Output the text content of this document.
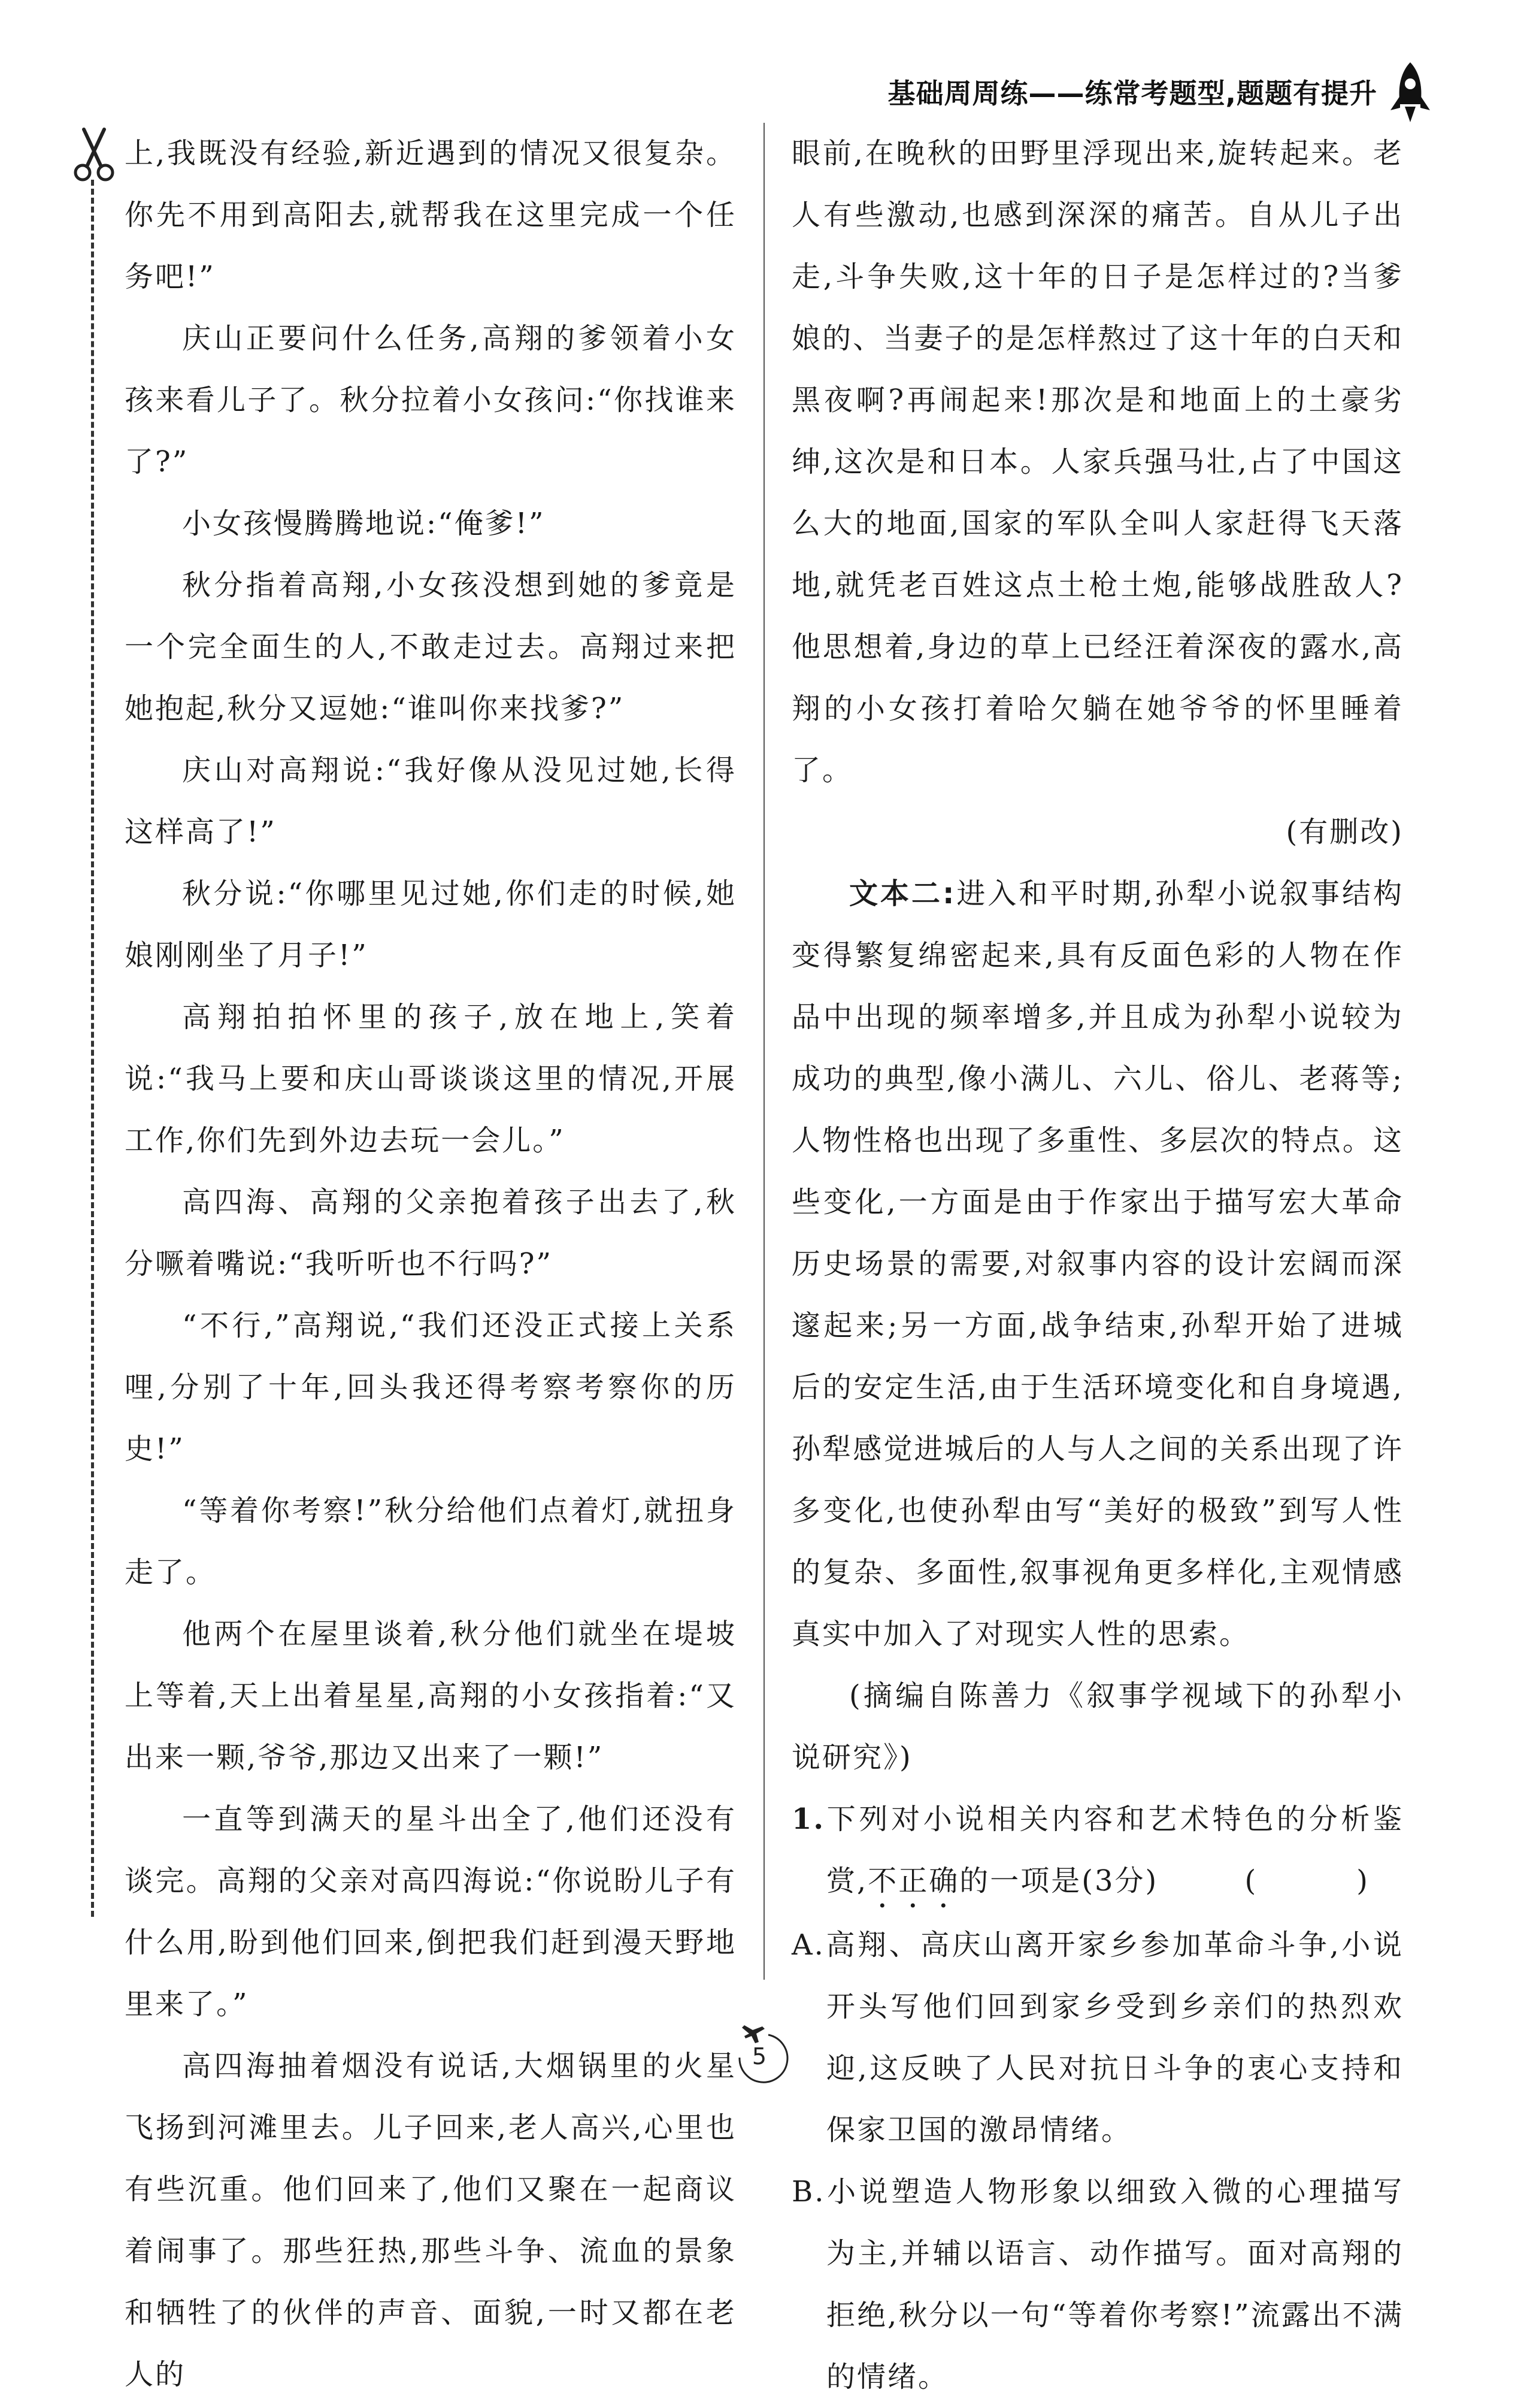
基础周周练——练常考题型,题题有提升

上,我既没有经验,新近遇到的情况又很复杂。你先不用到高阳去,就帮我在这里完成一个任务吧!”

庆山正要问什么任务,高翔的爹领着小女孩来看儿子了。秋分拉着小女孩问:“你找谁来了?”

小女孩慢腾腾地说:“俺爹!”

秋分指着高翔,小女孩没想到她的爹竟是一个完全面生的人,不敢走过去。高翔过来把她抱起,秋分又逗她:“谁叫你来找爹?”

庆山对高翔说:“我好像从没见过她,长得这样高了!”

秋分说:“你哪里见过她,你们走的时候,她娘刚刚坐了月子!”

高翔拍拍怀里的孩子,放在地上,笑着说:“我马上要和庆山哥谈谈这里的情况,开展工作,你们先到外边去玩一会儿。”

高四海、高翔的父亲抱着孩子出去了,秋分噘着嘴说:“我听听也不行吗?”

“不行,”高翔说,“我们还没正式接上关系哩,分别了十年,回头我还得考察考察你的历史!”

“等着你考察!”秋分给他们点着灯,就扭身走了。

他两个在屋里谈着,秋分他们就坐在堤坡上等着,天上出着星星,高翔的小女孩指着:“又出来一颗,爷爷,那边又出来了一颗!”

一直等到满天的星斗出全了,他们还没有谈完。高翔的父亲对高四海说:“你说盼儿子有什么用,盼到他们回来,倒把我们赶到漫天野地里来了。”

高四海抽着烟没有说话,大烟锅里的火星飞扬到河滩里去。儿子回来,老人高兴,心里也有些沉重。他们回来了,他们又聚在一起商议着闹事了。那些狂热,那些斗争、流血的景象和牺牲了的伙伴的声音、面貌,一时又都在老人的

眼前,在晚秋的田野里浮现出来,旋转起来。老人有些激动,也感到深深的痛苦。自从儿子出走,斗争失败,这十年的日子是怎样过的?当爹娘的、当妻子的是怎样熬过了这十年的白天和黑夜啊?再闹起来!那次是和地面上的土豪劣绅,这次是和日本。人家兵强马壮,占了中国这么大的地面,国家的军队全叫人家赶得飞天落地,就凭老百姓这点土枪土炮,能够战胜敌人?他思想着,身边的草上已经汪着深夜的露水,高翔的小女孩打着哈欠躺在她爷爷的怀里睡着了。

(有删改)

文本二:进入和平时期,孙犁小说叙事结构变得繁复绵密起来,具有反面色彩的人物在作品中出现的频率增多,并且成为孙犁小说较为成功的典型,像小满儿、六儿、俗儿、老蒋等;人物性格也出现了多重性、多层次的特点。这些变化,一方面是由于作家出于描写宏大革命历史场景的需要,对叙事内容的设计宏阔而深邃起来;另一方面,战争结束,孙犁开始了进城后的安定生活,由于生活环境变化和自身境遇,孙犁感觉进城后的人与人之间的关系出现了许多变化,也使孙犁由写“美好的极致”到写人性的复杂、多面性,叙事视角更多样化,主观情感真实中加入了对现实人性的思索。

(摘编自陈善力《叙事学视域下的孙犁小说研究》)

1.下列对小说相关内容和艺术特色的分析鉴赏,不正确的一项是(3分)	(　)

A.高翔、高庆山离开家乡参加革命斗争,小说开头写他们回到家乡受到乡亲们的热烈欢迎,这反映了人民对抗日斗争的衷心支持和保家卫国的激昂情绪。

B.小说塑造人物形象以细致入微的心理描写为主,并辅以语言、动作描写。面对高翔的拒绝,秋分以一句“等着你考察!”流露出不满的情绪。

5
